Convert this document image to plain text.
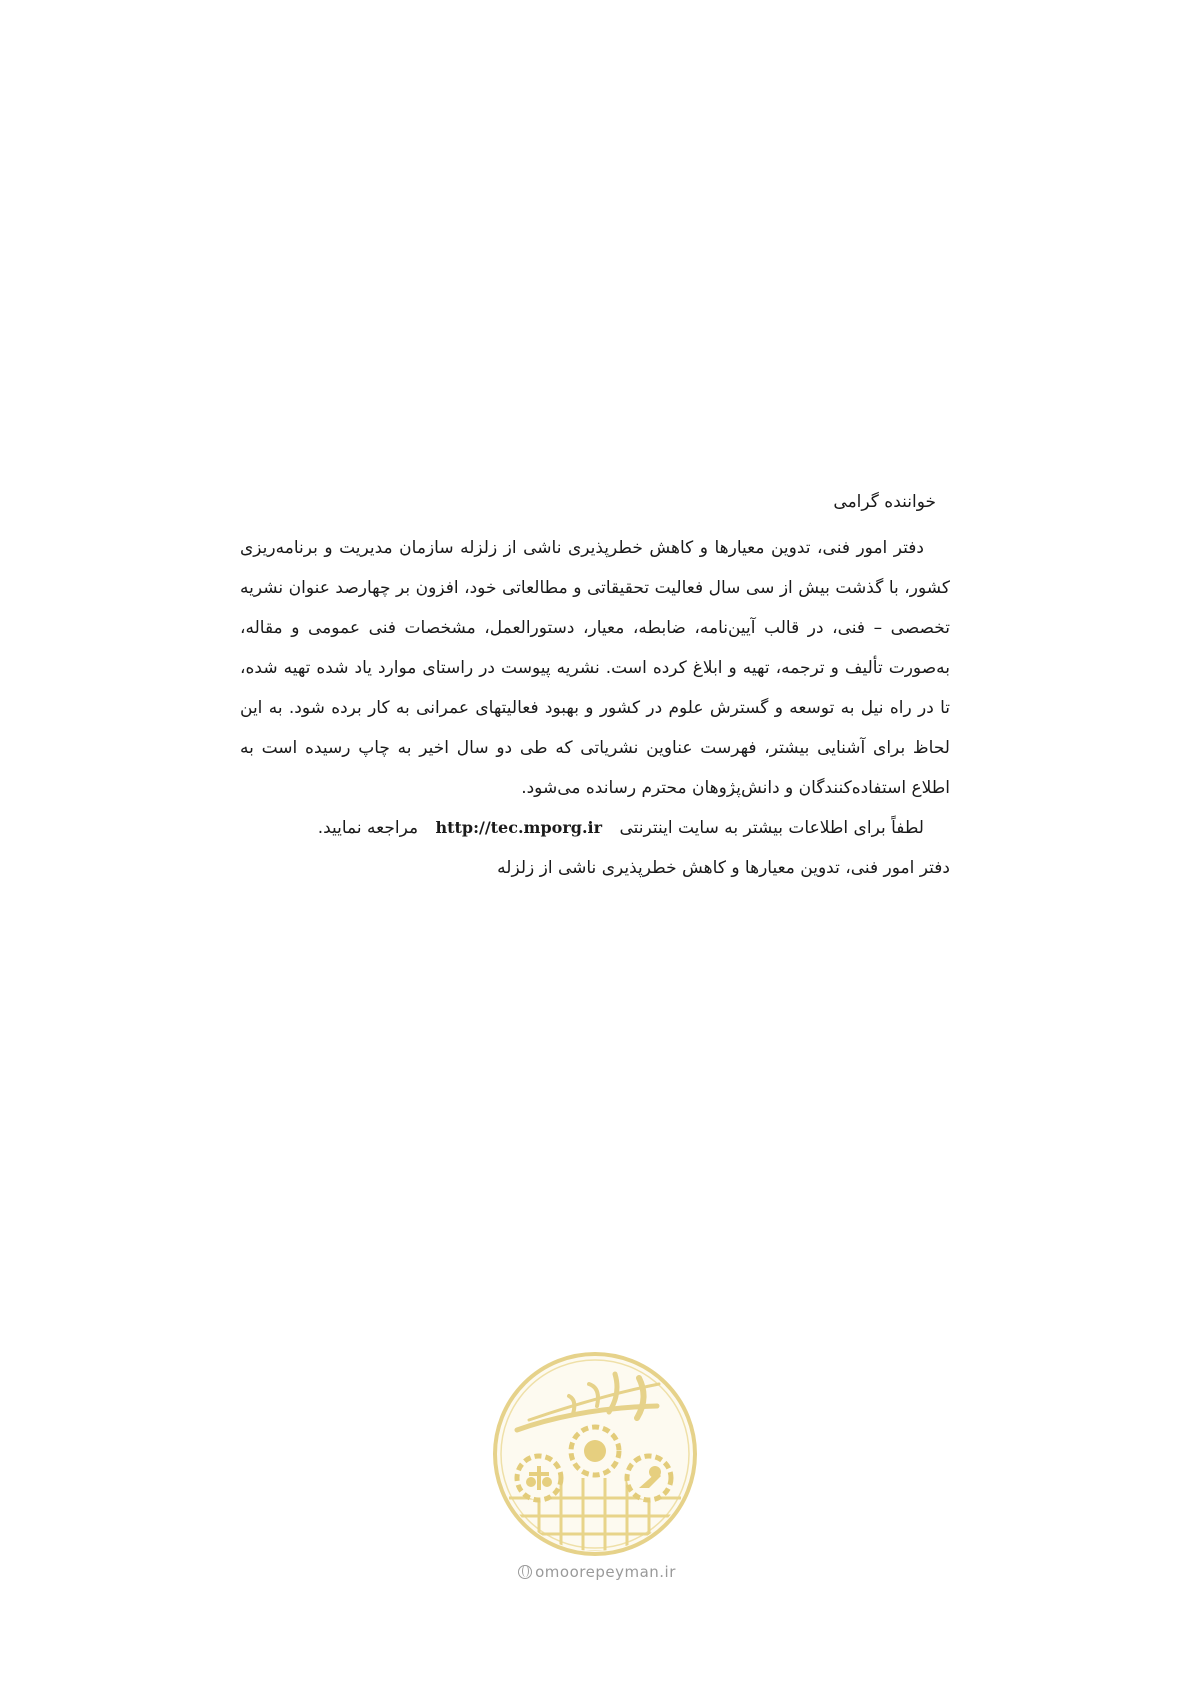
خواننده گرامی

دفتر امور فنی، تدوین معیارها و کاهش خطرپذیری ناشی از زلزله سازمان مدیریت و برنامه‌ریزی کشور، با گذشت بیش از سی سال فعالیت تحقیقاتی و مطالعاتی خود، افزون بر چهارصد عنوان نشریه تخصصی – فنی، در قالب آیین‌نامه، ضابطه، معیار، دستورالعمل، مشخصات فنی عمومی و مقاله، به‌صورت تألیف و ترجمه، تهیه و ابلاغ کرده است. نشریه پیوست در راستای موارد یاد شده تهیه شده، تا در راه نیل به توسعه و گسترش علوم در کشور و بهبود فعالیتهای عمرانی به کار برده شود. به این لحاظ برای آشنایی بیشتر، فهرست عناوین نشریاتی که طی دو سال اخیر به چاپ رسیده است به اطلاع استفاده‌کنندگان و دانش‌پژوهان محترم رسانده می‌شود.

لطفاً برای اطلاعات بیشتر به سایت اینترنتی http://tec.mporg.ir مراجعه نمایید.

دفتر امور فنی، تدوین معیارها و کاهش خطرپذیری ناشی از زلزله

omoorepeyman.ir
